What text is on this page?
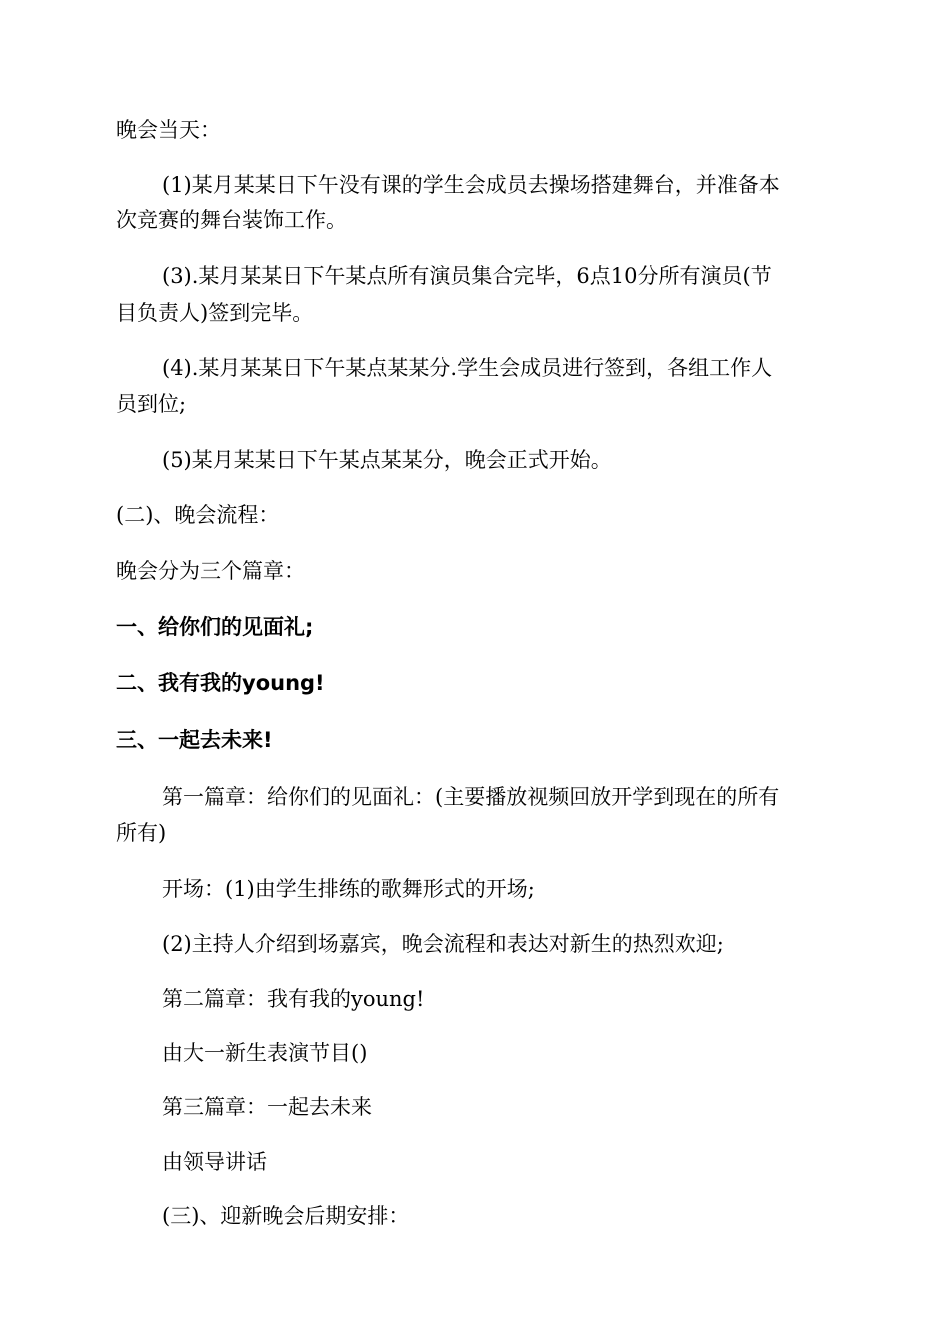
晚会当天：
(1)某月某某日下午没有课的学生会成员去操场搭建舞台，并准备本
次竞赛的舞台装饰工作。
(3).某月某某日下午某点所有演员集合完毕，6点10分所有演员(节
目负责人)签到完毕。
(4).某月某某日下午某点某某分.学生会成员进行签到，各组工作人
员到位;
(5)某月某某日下午某点某某分，晚会正式开始。
(二)、晚会流程：
晚会分为三个篇章：
一、给你们的见面礼;
二、我有我的young!
三、一起去未来!
第一篇章：给你们的见面礼：(主要播放视频回放开学到现在的所有
所有)
开场：(1)由学生排练的歌舞形式的开场;
(2)主持人介绍到场嘉宾，晚会流程和表达对新生的热烈欢迎;
第二篇章：我有我的young!
由大一新生表演节目()
第三篇章：一起去未来
由领导讲话
(三)、迎新晚会后期安排：
